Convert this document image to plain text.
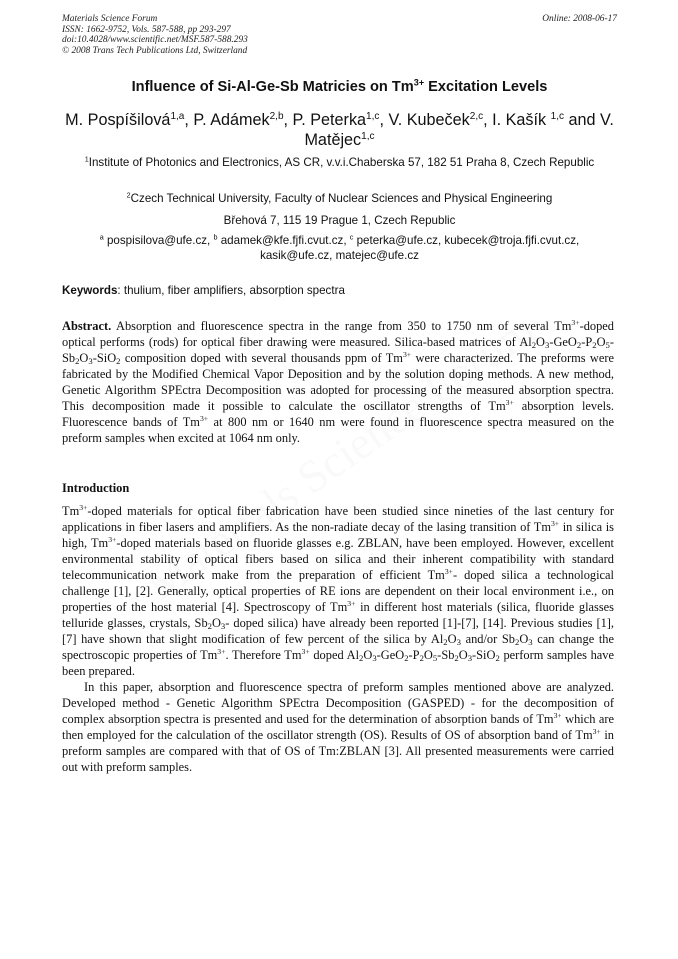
Materials Science Forum
ISSN: 1662-9752, Vols. 587-588, pp 293-297
doi:10.4028/www.scientific.net/MSF.587-588.293
© 2008 Trans Tech Publications Ltd, Switzerland
Online: 2008-06-17
Influence of Si-Al-Ge-Sb Matricies on $Tm^{3+}$ Excitation Levels
M. Pospíšilová$^{1,a}$, P. Adámek$^{2,b}$, P. Peterka$^{1,c}$, V. Kubeček$^{2,c}$, I. Kašík $^{1,c}$ and V.
Matějec$^{1,c}$
$^1$Institute of Photonics and Electronics, AS CR, v.v.i.Chaberska 57, 182 51 Praha 8, Czech Republic
$^2$Czech Technical University, Faculty of Nuclear Sciences and Physical Engineering
Břehová 7, 115 19 Prague 1, Czech Republic
$^a$ pospisilova@ufe.cz, $^b$ adamek@kfe.fjfi.cvut.cz, $^c$ peterka@ufe.cz, kubecek@troja.fjfi.cvut.cz, kasik@ufe.cz, matejec@ufe.cz
Keywords: thulium, fiber amplifiers, absorption spectra

Abstract. Absorption and fluorescence spectra in the range from 350 to 1750 nm of several $Tm^{3+}$-doped optical performs (rods) for optical fiber drawing were measured. Silica-based matrices of $Al_2O_3-GeO_2-P_2O_5-Sb_2O_3-SiO_2$ composition doped with several thousands ppm of $Tm^{3+}$ were characterized. The preforms were fabricated by the Modified Chemical Vapor Deposition and by the solution doping methods. A new method, Genetic Algorithm SPEctra Decomposition was adopted for processing of the measured absorption spectra. This decomposition made it possible to calculate the oscillator strengths of $Tm^{3+}$ absorption levels. Fluorescence bands of $Tm^{3+}$ at 800 nm or 1640 nm were found in fluorescence spectra measured on the preform samples when excited at 1064 nm only.

Introduction

$Tm^{3+}$-doped materials for optical fiber fabrication have been studied since nineties of the last century for applications in fiber lasers and amplifiers. As the non-radiate decay of the lasing transition of $Tm^{3+}$ in silica is high, $Tm^{3+}$-doped materials based on fluoride glasses e.g. ZBLAN, have been employed. However, excellent environmental stability of optical fibers based on silica and their inherent compatibility with standard telecommunication network make from the preparation of efficient $Tm^{3+}-$ doped silica a technological challenge [1], [2]. Generally, optical properties of RE ions are dependent on their local environment i.e., on properties of the host material [4]. Spectroscopy of $Tm^{3+}$ in different host materials (silica, fluoride glasses telluride glasses, crystals, $Sb_2O_3-$ doped silica) have already been reported [1]-[7], [14]. Previous studies [1], [7] have shown that slight modification of few percent of the silica by $Al_2O_3$ and/or $Sb_2O_3$ can change the spectroscopic properties of $Tm^{3+}$. Therefore $Tm^{3+}$ doped $Al_2O_3-GeO_2-P_2O_5-Sb_2O_3-SiO_2$ perform samples have been prepared.

In this paper, absorption and fluorescence spectra of preform samples mentioned above are analyzed. Developed method - Genetic Algorithm SPEctra Decomposition (GASPED) - for the decomposition of complex absorption spectra is presented and used for the determination of absorption bands of $Tm^{3+}$ which are then employed for the calculation of the oscillator strength (OS). Results of OS of absorption band of $Tm^{3+}$ in preform samples are compared with that of OS of Tm:ZBLAN [3]. All presented measurements were carried out with preform samples.
